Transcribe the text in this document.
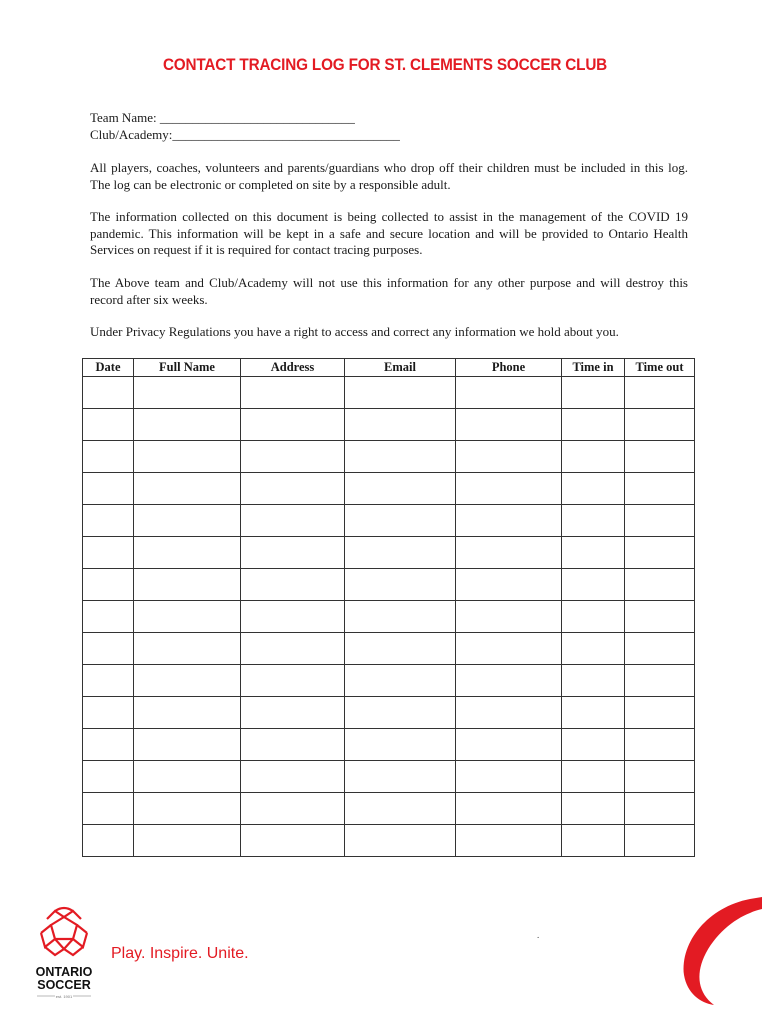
CONTACT TRACING LOG FOR ST. CLEMENTS SOCCER CLUB
Team Name: ______________________________
Club/Academy:___________________________________

All players, coaches, volunteers and parents/guardians who drop off their children must be included in this log. The log can be electronic or completed on site by a responsible adult.

The information collected on this document is being collected to assist in the management of the COVID 19 pandemic. This information will be kept in a safe and secure location and will be provided to Ontario Health Services on request if it is required for contact tracing purposes.

The Above team and Club/Academy will not use this information for any other purpose and will destroy this record after six weeks.

Under Privacy Regulations you have a right to access and correct any information we hold about you.

Date	Full Name	Address	Email	Phone	Time in	Time out

ONTARIO
SOCCER
est. 1901
Play. Inspire. Unite.
.
